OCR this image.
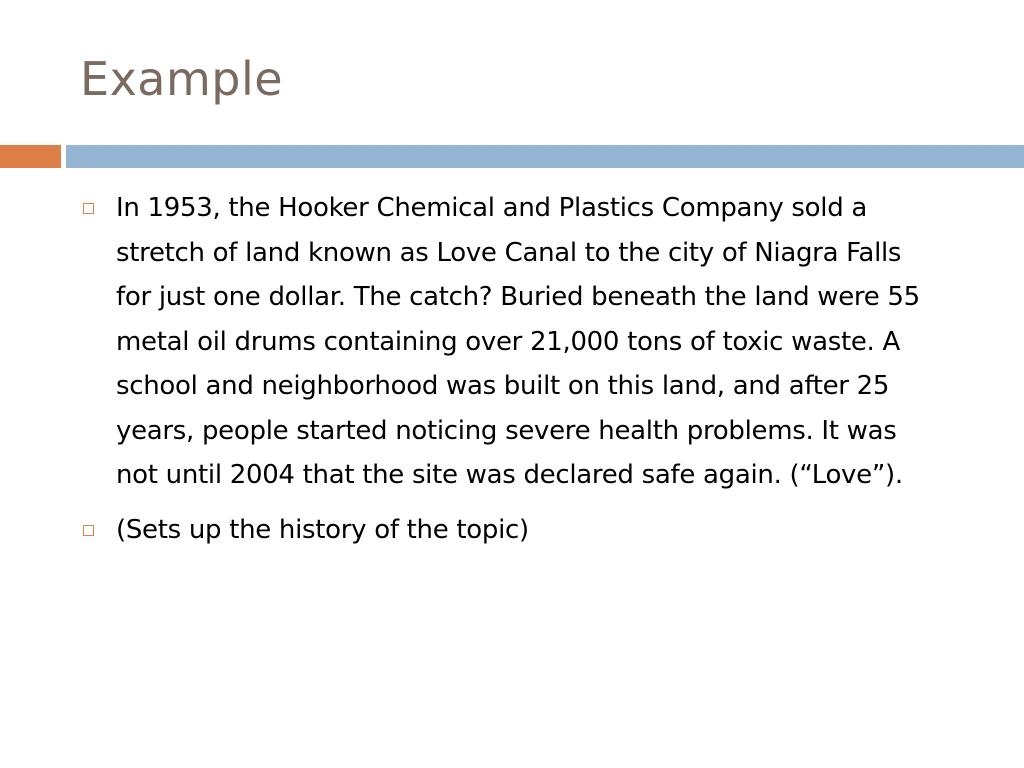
Example
In 1953, the Hooker Chemical and Plastics Company sold a stretch of land known as Love Canal to the city of Niagra Falls for just one dollar. The catch? Buried beneath the land were 55 metal oil drums containing over 21,000 tons of toxic waste. A school and neighborhood was built on this land, and after 25 years, people started noticing severe health problems. It was not until 2004 that the site was declared safe again. (“Love”).
(Sets up the history of the topic)
